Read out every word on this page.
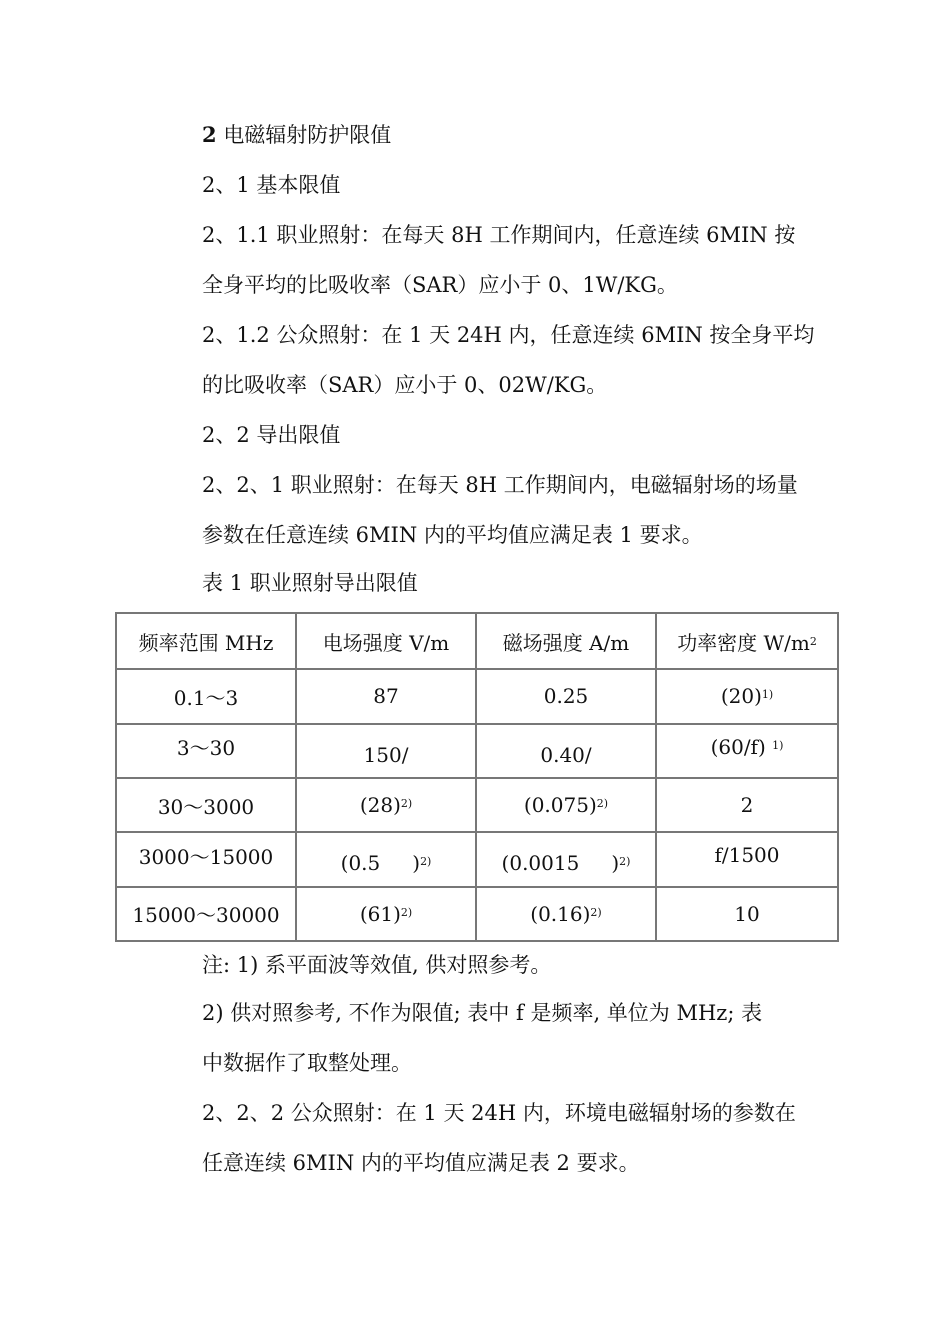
2 电磁辐射防护限值
2、1 基本限值
2、1.1 职业照射：在每天 8H 工作期间内，任意连续 6MIN 按
全身平均的比吸收率（SAR）应小于 0、1W/KG。
2、1.2 公众照射：在 1 天 24H 内，任意连续 6MIN 按全身平均
的比吸收率（SAR）应小于 0、02W/KG。
2、2 导出限值
2、2、1 职业照射：在每天 8H 工作期间内，电磁辐射场的场量
参数在任意连续 6MIN 内的平均值应满足表 1 要求。
表 1 职业照射导出限值
频率范围 MHz	电场强度 V/m	磁场强度 A/m	功率密度 $W/m^2$
0.1～3	87	0.25	$(20)^{1)}$
3～30	150/	0.40/	(60/f) $^{1)}$
30～3000	$(28)^{2)}$	$(0.075)^{2)}$	2
3000～15000	(0.5 )$^{2)}$	(0.0015 )$^{2)}$	f/1500
15000～30000	$(61)^{2)}$	$(0.16)^{2)}$	10
注: 1) 系平面波等效值, 供对照参考。
2) 供对照参考, 不作为限值; 表中 f 是频率, 单位为 MHz; 表
中数据作了取整处理。
2、2、2 公众照射：在 1 天 24H 内，环境电磁辐射场的参数在
任意连续 6MIN 内的平均值应满足表 2 要求。
